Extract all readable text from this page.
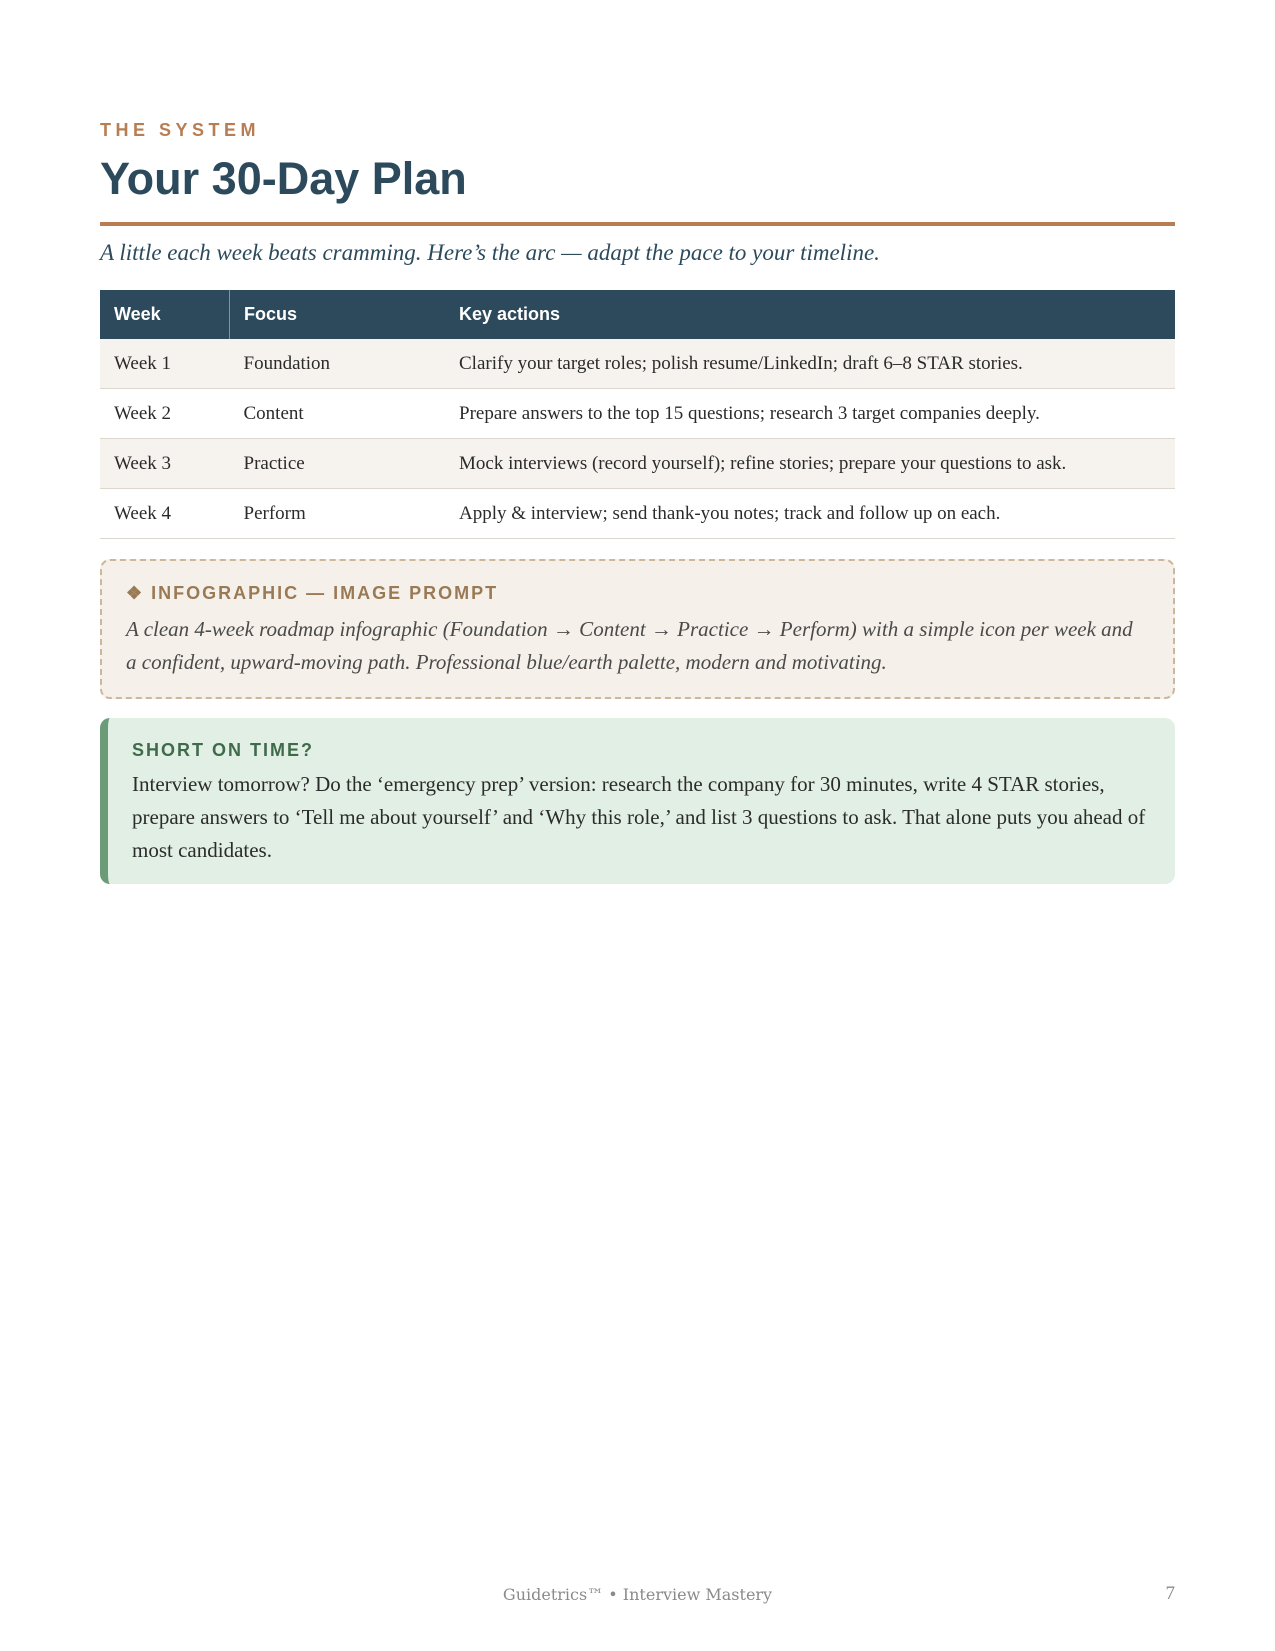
THE SYSTEM
Your 30-Day Plan
A little each week beats cramming. Here’s the arc — adapt the pace to your timeline.
Week	Focus	Key actions
Week 1	Foundation	Clarify your target roles; polish resume/LinkedIn; draft 6–8 STAR stories.
Week 2	Content	Prepare answers to the top 15 questions; research 3 target companies deeply.
Week 3	Practice	Mock interviews (record yourself); refine stories; prepare your questions to ask.
Week 4	Perform	Apply & interview; send thank-you notes; track and follow up on each.
❖ INFOGRAPHIC — IMAGE PROMPT
A clean 4-week roadmap infographic (Foundation → Content → Practice → Perform) with a simple icon per week and a confident, upward-moving path. Professional blue/earth palette, modern and motivating.
SHORT ON TIME?
Interview tomorrow? Do the ‘emergency prep’ version: research the company for 30 minutes, write 4 STAR stories, prepare answers to ‘Tell me about yourself’ and ‘Why this role,’ and list 3 questions to ask. That alone puts you ahead of most candidates.
Guidetrics™ • Interview Mastery	7
